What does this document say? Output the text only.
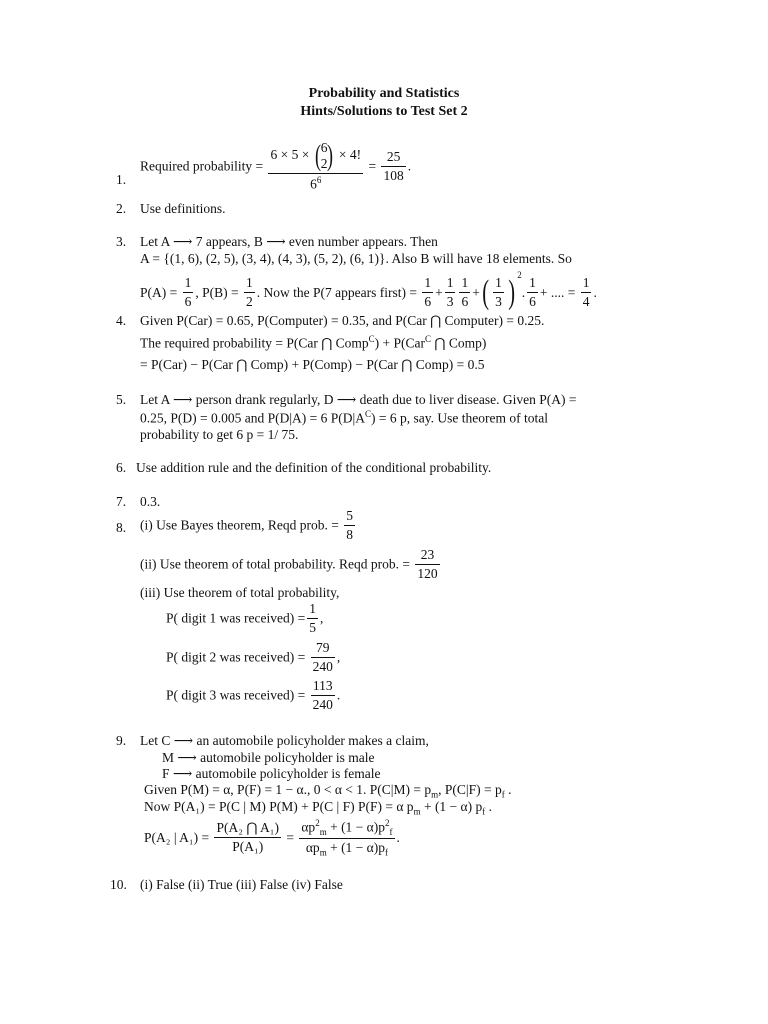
Probability and Statistics
Hints/Solutions to Test Set 2
1.
Required probability = 6 × 5 × ( 6
2 ) × 4!
$6^6 = \frac{25}{108}$ .
2. Use definitions.
3. Let A ⟶ 7 appears, B ⟶ even number appears. Then
A = {(1, 6), (2, 5), (3, 4), (4, 3), (5, 2), (6, 1)}. Also B will have 18 elements. So
$P(A) = \frac{1}{6}$ , $P(B) = \frac{1}{2}$ . Now the P(7 appears first) = $\frac{1}{6} + \frac{1}{3} \frac{1}{6}$ +( $\frac{1}{3}$ ) $^2$. $\frac{1}{6}$ + .... = $\frac{1}{4}$ .
4. Given P(Car) = 0.65, P(Computer) = 0.35, and P(Car ⋂ Computer) = 0.25.
The required probability = P(Car ⋂ Comp$^C$) + P(Car$^C$ ⋂ Comp)
= P(Car) − P(Car ⋂ Comp) + P(Comp) − P(Car ⋂ Comp) = 0.5
5. Let A ⟶ person drank regularly, D ⟶ death due to liver disease. Given P(A) =
0.25, P(D) = 0.005 and P(D|A) = 6 $P(D|A^C) = 6$ p, say. Use theorem of total
probability to get 6 p = 1/ 75.
6. Use addition rule and the definition of the conditional probability.
7. 0.3.
8. (i) Use Bayes theorem, Reqd prob. = $\frac{5}{8}$
(ii) Use theorem of total probability. Reqd prob. = $\frac{23}{120}$
(iii) Use theorem of total probability,
P( digit 1 was received) = $\frac{1}{5}$ ,
P( digit 2 was received) = $\frac{79}{240}$ ,
P( digit 3 was received) = $\frac{113}{240}$ .
9. Let C ⟶ an automobile policyholder makes a claim,
M ⟶ automobile policyholder is male
F ⟶ automobile policyholder is female
Given P(M) = α, P(F) = 1 − α., 0 < α < 1. $P(C|M) = p_m$, $P(C|F) = p_f$ .
Now P(A₁) = P(C | M) P(M) + P(C | F) P(F) = α $p_m + (1 - \alpha)$ $p_f$ .
P(A₂ | $A_1) = \frac{\text{P(A₂ ⋂ A₁)}}{\text{P(A₁)}} = \frac{\alpha p^2_m + (1 - \alpha)p^2_f}{\alpha p_m + (1 - \alpha)p_f}$ .
10. (i) False (ii) True (iii) False (iv) False
